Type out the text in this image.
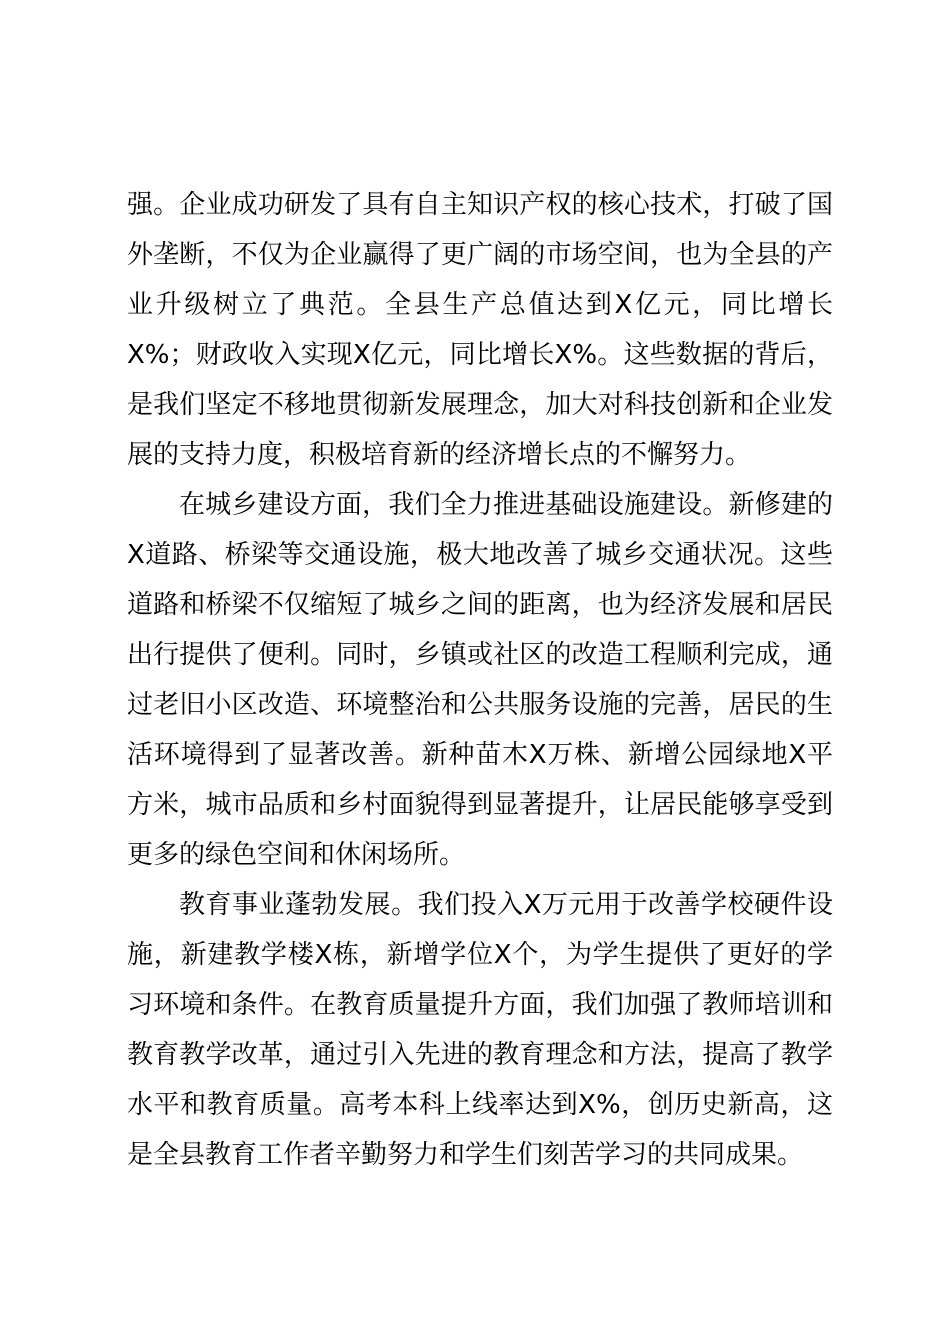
强。企业成功研发了具有自主知识产权的核心技术，打破了国外垄断，不仅为企业赢得了更广阔的市场空间，也为全县的产业升级树立了典范。全县生产总值达到X亿元，同比增长X%；财政收入实现X亿元，同比增长X%。这些数据的背后，是我们坚定不移地贯彻新发展理念，加大对科技创新和企业发展的支持力度，积极培育新的经济增长点的不懈努力。

在城乡建设方面，我们全力推进基础设施建设。新修建的X道路、桥梁等交通设施，极大地改善了城乡交通状况。这些道路和桥梁不仅缩短了城乡之间的距离，也为经济发展和居民出行提供了便利。同时，乡镇或社区的改造工程顺利完成，通过老旧小区改造、环境整治和公共服务设施的完善，居民的生活环境得到了显著改善。新种苗木X万株、新增公园绿地X平方米，城市品质和乡村面貌得到显著提升，让居民能够享受到更多的绿色空间和休闲场所。

教育事业蓬勃发展。我们投入X万元用于改善学校硬件设施，新建教学楼X栋，新增学位X个，为学生提供了更好的学习环境和条件。在教育质量提升方面，我们加强了教师培训和教育教学改革，通过引入先进的教育理念和方法，提高了教学水平和教育质量。高考本科上线率达到X%，创历史新高，这是全县教育工作者辛勤努力和学生们刻苦学习的共同成果。
